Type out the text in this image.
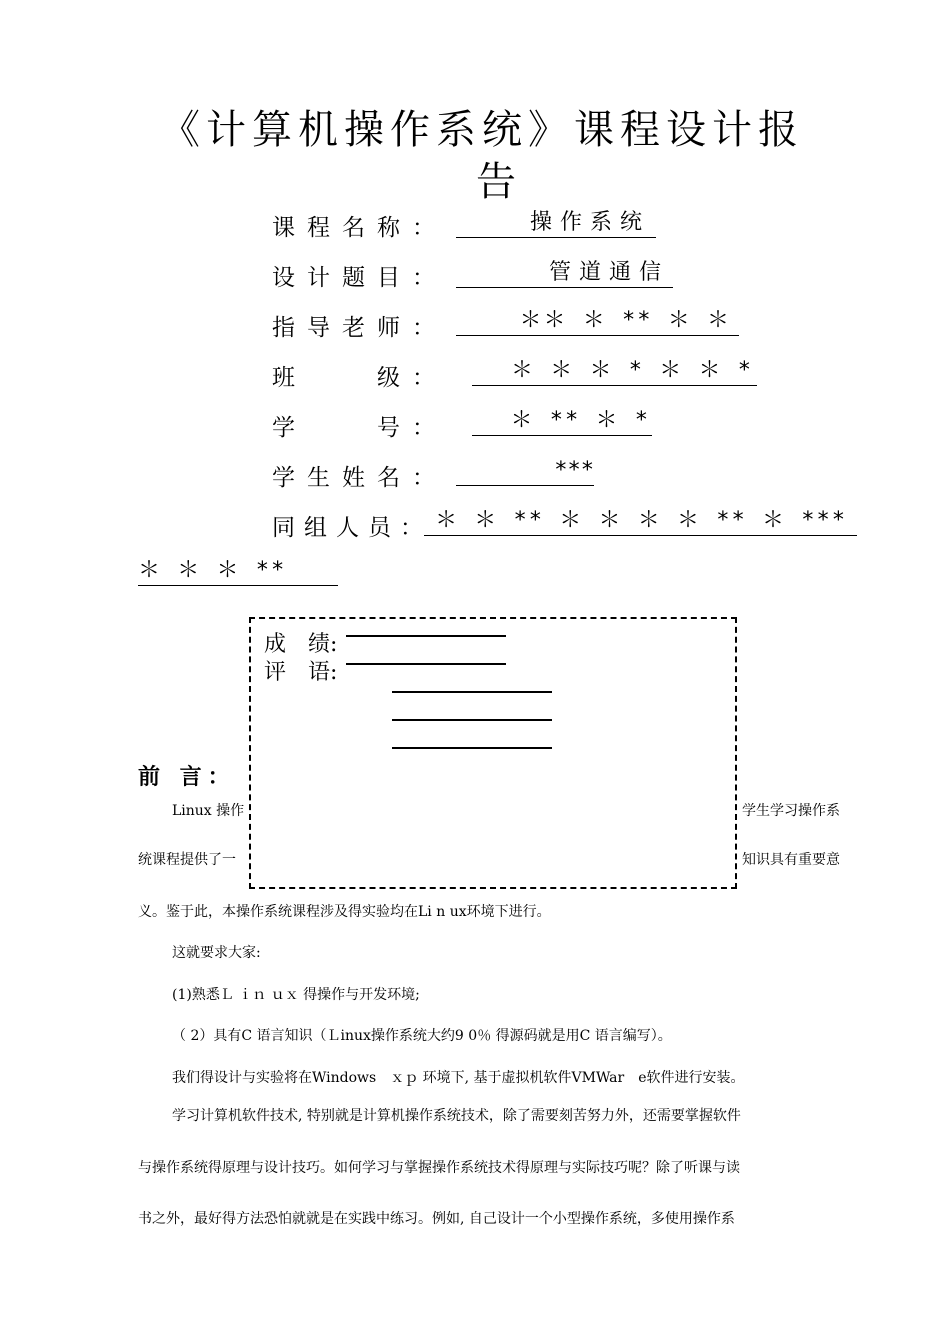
《计算机操作系统》课程设计报
告
课程名称：	操作系统
设计题目：	管道通信
指导老师：	＊＊ ＊ ** ＊ ＊
班　　级：	＊ ＊ ＊ * ＊ ＊ *
学　　号：	＊ ** ＊ *
学生姓名：	***
同组人员： ＊ ＊ ** ＊ ＊ ＊ ＊ ** ＊ ***
＊ ＊ ＊ **
前 言：
Linux 操作	学生学习操作系
统课程提供了一	知识具有重要意
义。鉴于此，本操作系统课程涉及得实验均在Li n ux环境下进行。
这就要求大家:
(1)熟悉Ｌ ｉｎ ｕｘ 得操作与开发环境;
（ 2）具有C 语言知识（Ｌinux操作系统大约9 0％ 得源码就是用C 语言编写）。
我们得设计与实验将在Windows　ｘｐ 环境下, 基于虚拟机软件VMWar　e软件进行安装。
学习计算机软件技术, 特别就是计算机操作系统技术，除了需要刻苦努力外，还需要掌握软件
与操作系统得原理与设计技巧。如何学习与掌握操作系统技术得原理与实际技巧呢？除了听课与读
书之外，最好得方法恐怕就就是在实践中练习。例如, 自己设计一个小型操作系统，多使用操作系
成　绩:
评　语:
